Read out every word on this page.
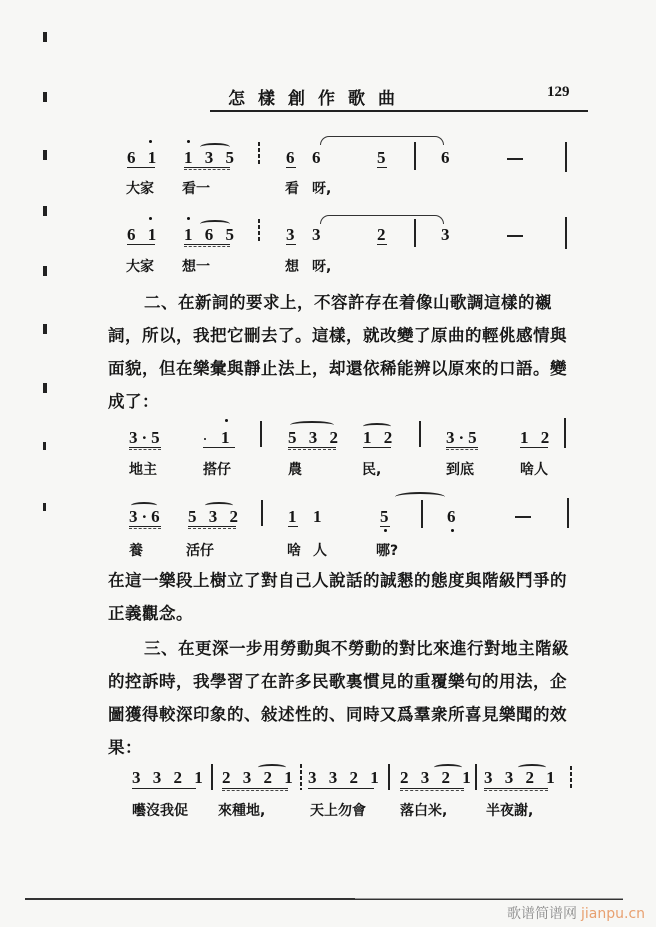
怎樣創作歌曲	129
6 1 1 3 5	6 6	5	6
大家 看一	看 呀,
6 1 1 6 5	3 3	2	3
大家 想一	想 呀,
二、在新詞的要求上，不容許存在着像山歌調這樣的襯詞，所以，我把它刪去了。這樣，就改變了原曲的輕佻感情與面貌，但在樂彙與靜止法上，却還依稀能辨以原來的口語。變成了：
3·5	1	5 3 2 1 2	3·5 1 2
地主	搭仔	農	民,	到底	啥人
3·6 5 3 2	1 1	5	6
養	活仔	啥 人	哪?
在這一樂段上樹立了對自己人說話的誠懇的態度與階級鬥爭的正義觀念。
三、在更深一步用勞動與不勞動的對比來進行對地主階級的控訴時，我學習了在許多民歌裏慣見的重覆樂句的用法，企圖獲得較深印象的、敍述性的、同時又爲羣衆所喜見樂聞的效果：
3 3 2 1 2 3 2 1 3 3 2 1 2 3 2 1 3 3 2 1
囈沒我促 來種地,	天上勿會 落白米,	半夜謝,
歌谱简谱网 jianpu.cn
